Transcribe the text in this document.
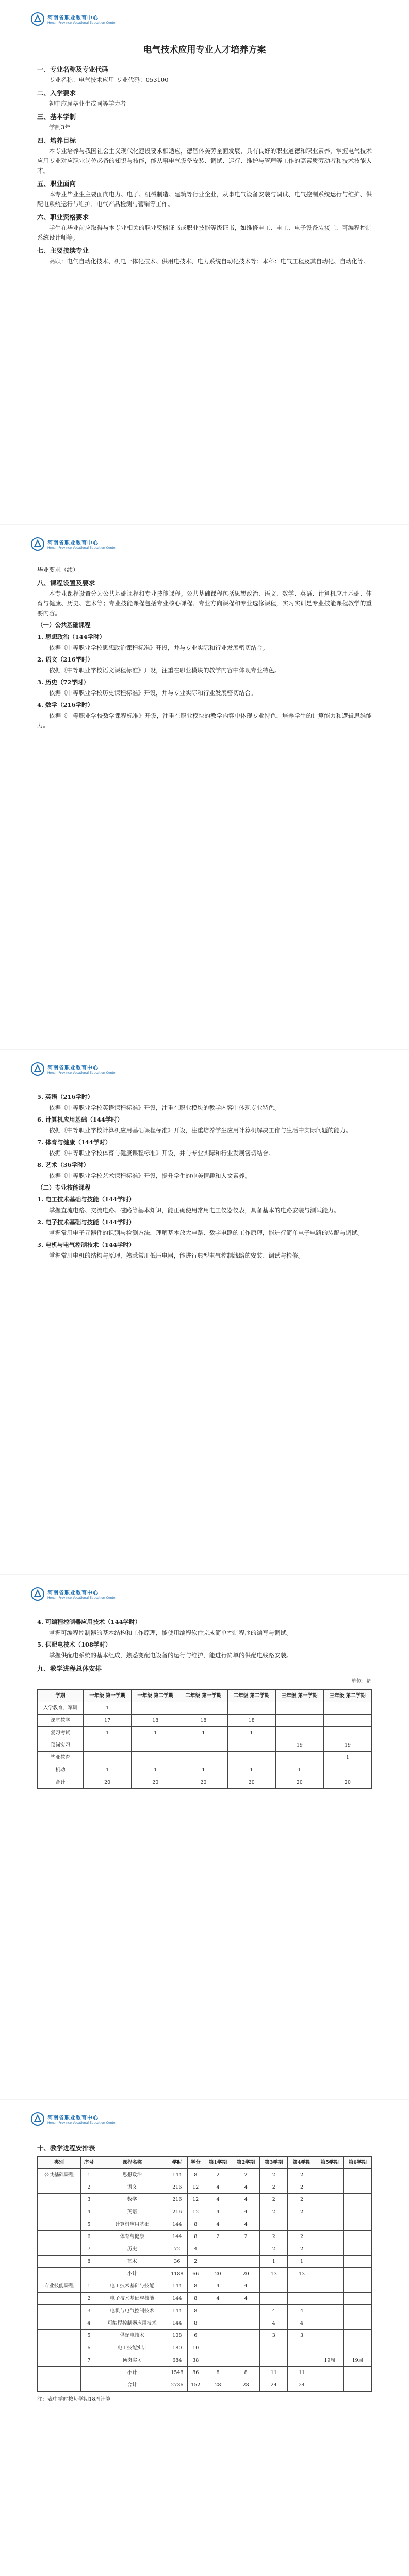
河南省职业教育中心
Henan Province Vocational Education Center
电气技术应用专业人才培养方案
一、专业名称及专业代码

专业名称：电气技术应用 专业代码：053100

二、入学要求

初中应届毕业生或同等学力者

三、基本学制

学制3年

四、培养目标

本专业培养与我国社会主义现代化建设要求相适应，德智体美劳全面发展，具有良好的职业道德和职业素养，掌握电气技术应用专业对应职业岗位必备的知识与技能，能从事电气设备安装、调试、运行、维护与管理等工作的高素质劳动者和技术技能人才。

五、职业面向

本专业毕业生主要面向电力、电子、机械制造、建筑等行业企业，从事电气设备安装与调试、电气控制系统运行与维护、供配电系统运行与维护、电气产品检测与营销等工作。

六、职业资格要求

学生在毕业前应取得与本专业相关的职业资格证书或职业技能等级证书，如维修电工、电工、电子设备装接工、可编程控制系统设计师等。

七、主要接续专业

高职：电气自动化技术、机电一体化技术、供用电技术、电力系统自动化技术等；本科：电气工程及其自动化、自动化等。

河南省职业教育中心
Henan Province Vocational Education Center

毕业要求（续）

八、课程设置及要求

本专业课程设置分为公共基础课程和专业技能课程。公共基础课程包括思想政治、语文、数学、英语、计算机应用基础、体育与健康、历史、艺术等；专业技能课程包括专业核心课程、专业方向课程和专业选修课程，实习实训是专业技能课程教学的重要内容。

（一）公共基础课程
1. 思想政治（144学时）

依据《中等职业学校思想政治课程标准》开设，并与专业实际和行业发展密切结合。

2. 语文（216学时）

依据《中等职业学校语文课程标准》开设，注重在职业模块的教学内容中体现专业特色。

3. 历史（72学时）

依据《中等职业学校历史课程标准》开设，并与专业实际和行业发展密切结合。

4. 数学（216学时）

依据《中等职业学校数学课程标准》开设，注重在职业模块的教学内容中体现专业特色，培养学生的计算能力和逻辑思维能力。

河南省职业教育中心
Henan Province Vocational Education Center
5. 英语（216学时）

依据《中等职业学校英语课程标准》开设，注重在职业模块的教学内容中体现专业特色。

6. 计算机应用基础（144学时）

依据《中等职业学校计算机应用基础课程标准》开设，注重培养学生应用计算机解决工作与生活中实际问题的能力。

7. 体育与健康（144学时）

依据《中等职业学校体育与健康课程标准》开设，并与专业实际和行业发展密切结合。

8. 艺术（36学时）

依据《中等职业学校艺术课程标准》开设，提升学生的审美情趣和人文素养。

（二）专业技能课程
1. 电工技术基础与技能（144学时）

掌握直流电路、交流电路、磁路等基本知识，能正确使用常用电工仪器仪表，具备基本的电路安装与测试能力。

2. 电子技术基础与技能（144学时）

掌握常用电子元器件的识别与检测方法，理解基本放大电路、数字电路的工作原理，能进行简单电子电路的装配与调试。

3. 电机与电气控制技术（144学时）

掌握常用电机的结构与原理，熟悉常用低压电器，能进行典型电气控制线路的安装、调试与检修。

河南省职业教育中心
Henan Province Vocational Education Center
4. 可编程控制器应用技术（144学时）

掌握可编程控制器的基本结构和工作原理，能使用编程软件完成简单控制程序的编写与调试。

5. 供配电技术（108学时）

掌握供配电系统的基本组成，熟悉变配电设备的运行与维护，能进行简单的供配电线路安装。

九、教学进程总体安排
单位：周
学期	一年级 第一学期	一年级 第二学期	二年级 第一学期	二年级 第二学期	三年级 第一学期	三年级 第二学期
入学教育、军训	1					
课堂教学	17	18	18	18		
复习考试	1	1	1	1		
顶岗实习					19	19
毕业教育						1
机动	1	1	1	1	1	
合计	20	20	20	20	20	20
河南省职业教育中心
Henan Province Vocational Education Center
十、教学进程安排表
类别	序号	课程名称	学时	学分	第1学期	第2学期	第3学期	第4学期	第5学期	第6学期
公共基础课程	1	思想政治	144	8	2	2	2	2		
	2	语文	216	12	4	4	2	2		
	3	数学	216	12	4	4	2	2		
	4	英语	216	12	4	4	2	2		
	5	计算机应用基础	144	8	4	4				
	6	体育与健康	144	8	2	2	2	2		
	7	历史	72	4			2	2		
	8	艺术	36	2			1	1		
		小计	1188	66	20	20	13	13		
专业技能课程	1	电工技术基础与技能	144	8	4	4				
	2	电子技术基础与技能	144	8	4	4				
	3	电机与电气控制技术	144	8			4	4		
	4	可编程控制器应用技术	144	8			4	4		
	5	供配电技术	108	6			3	3		
	6	电工技能实训	180	10						
	7	顶岗实习	684	38					19周	19周
		小计	1548	86	8	8	11	11		
		合计	2736	152	28	28	24	24		

注：表中学时按每学期18周计算。
